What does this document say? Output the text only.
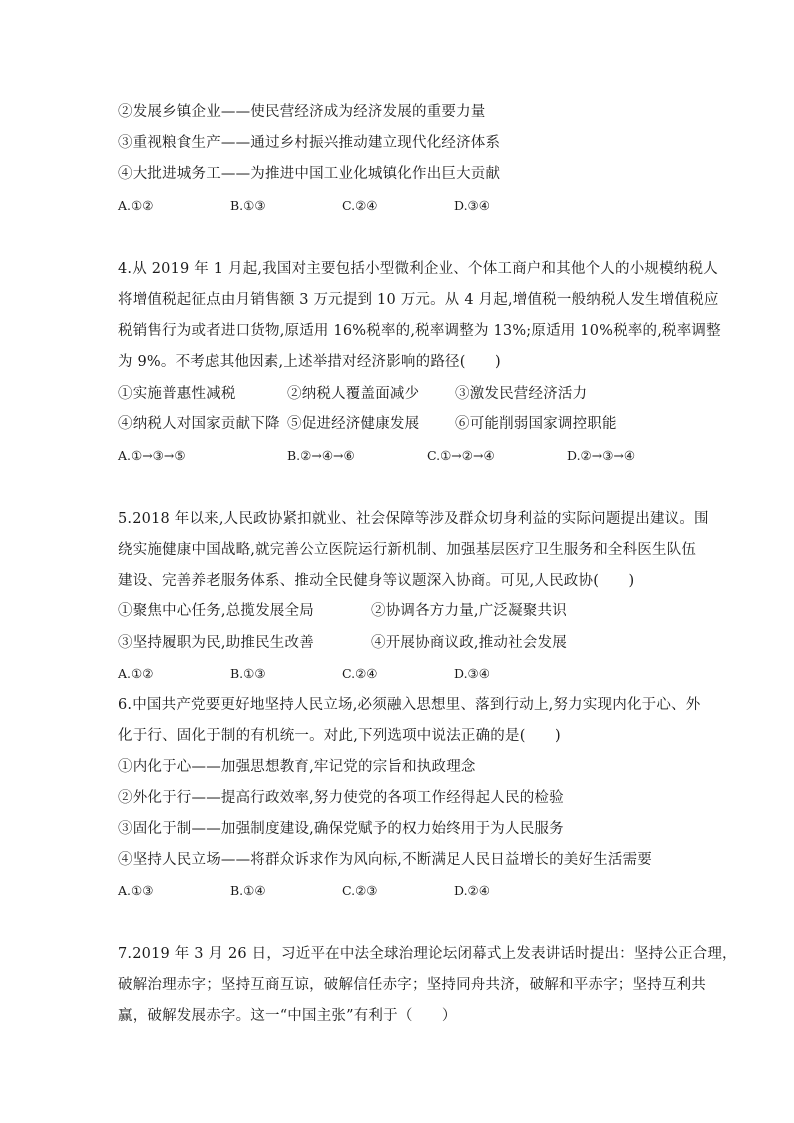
②发展乡镇企业——使民营经济成为经济发展的重要力量
③重视粮食生产——通过乡村振兴推动建立现代化经济体系
④大批进城务工——为推进中国工业化城镇化作出巨大贡献
A.①②	B.①③	C.②④	D.③④
4.从 2019 年 1 月起,我国对主要包括小型微利企业、个体工商户和其他个人的小规模纳税人
将增值税起征点由月销售额 3 万元提到 10 万元。从 4 月起,增值税一般纳税人发生增值税应
税销售行为或者进口货物,原适用 16%税率的,税率调整为 13%;原适用 10%税率的,税率调整
为 9%。不考虑其他因素,上述举措对经济影响的路径(　　)
①实施普惠性减税	②纳税人覆盖面减少 ③激发民营经济活力
④纳税人对国家贡献下降 ⑤促进经济健康发展 ⑥可能削弱国家调控职能
A.①→③→⑤	B.②→④→⑥	C.①→②→④	D.②→③→④
5.2018 年以来,人民政协紧扣就业、社会保障等涉及群众切身利益的实际问题提出建议。围
绕实施健康中国战略,就完善公立医院运行新机制、加强基层医疗卫生服务和全科医生队伍
建设、完善养老服务体系、推动全民健身等议题深入协商。可见,人民政协(　　)
①聚焦中心任务,总揽发展全局	②协调各方力量,广泛凝聚共识
③坚持履职为民,助推民生改善	④开展协商议政,推动社会发展
A.①②	B.①③	C.②④	D.③④
6.中国共产党要更好地坚持人民立场,必须融入思想里、落到行动上,努力实现内化于心、外
化于行、固化于制的有机统一。对此,下列选项中说法正确的是(　　)
①内化于心——加强思想教育,牢记党的宗旨和执政理念
②外化于行——提高行政效率,努力使党的各项工作经得起人民的检验
③固化于制——加强制度建设,确保党赋予的权力始终用于为人民服务
④坚持人民立场——将群众诉求作为风向标,不断满足人民日益增长的美好生活需要
A.①③	B.①④	C.②③	D.②④
7.2019 年 3 月 26 日，习近平在中法全球治理论坛闭幕式上发表讲话时提出：坚持公正合理，
破解治理赤字；坚持互商互谅，破解信任赤字；坚持同舟共济，破解和平赤字；坚持互利共
赢，破解发展赤字。这一“中国主张”有利于（　　）
